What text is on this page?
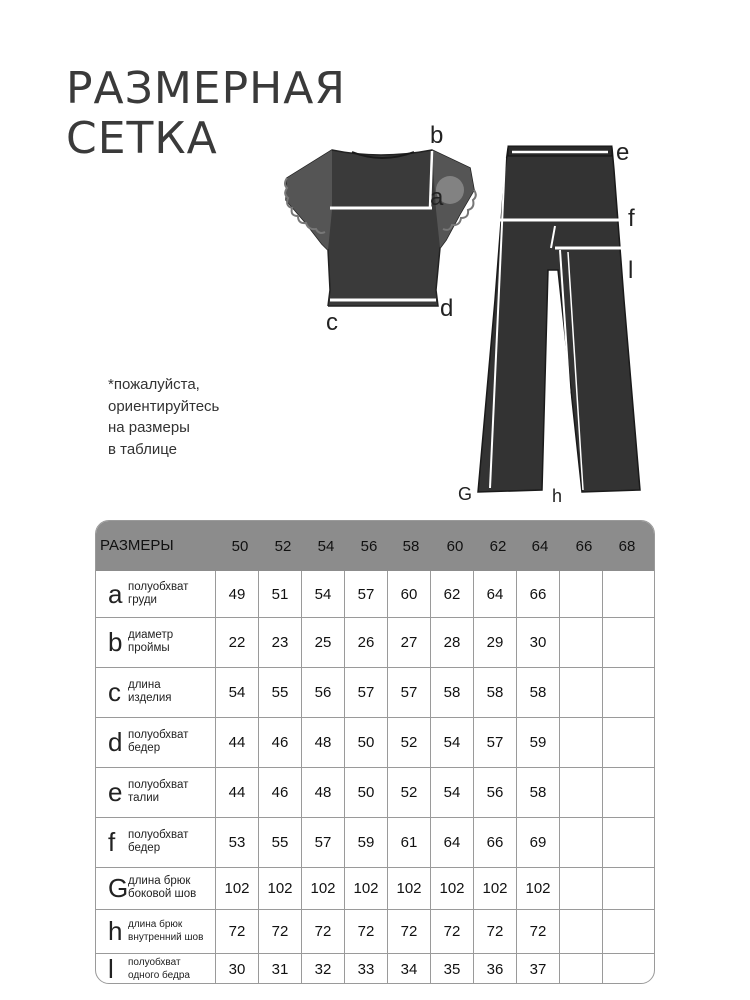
РАЗМЕРНАЯ
СЕТКА	b
a
c
d
e
f
l
G	h
*пожалуйста,
ориентируйтесь
на размеры
в таблице
РАЗМЕРЫ	50	52	54	56	58	60	62	64	66	68
a полуобхват
груди	49	51	54	57	60	62	64	66
b диаметр
проймы	22	23	25	26	27	28	29	30
c длина
изделия	54	55	56	57	57	58	58	58
d полуобхват
бедер	44	46	48	50	52	54	57	59
e полуобхват
талии	44	46	48	50	52	54	56	58
f полуобхват
бедер	53	55	57	59	61	64	66	69
G длина брюк
боковой шов	102	102	102	102	102	102	102	102
h длина брюк
внутренний шов	72	72	72	72	72	72	72	72
l полуобхват
одного бедра	30	31	32	33	34	35	36	37
